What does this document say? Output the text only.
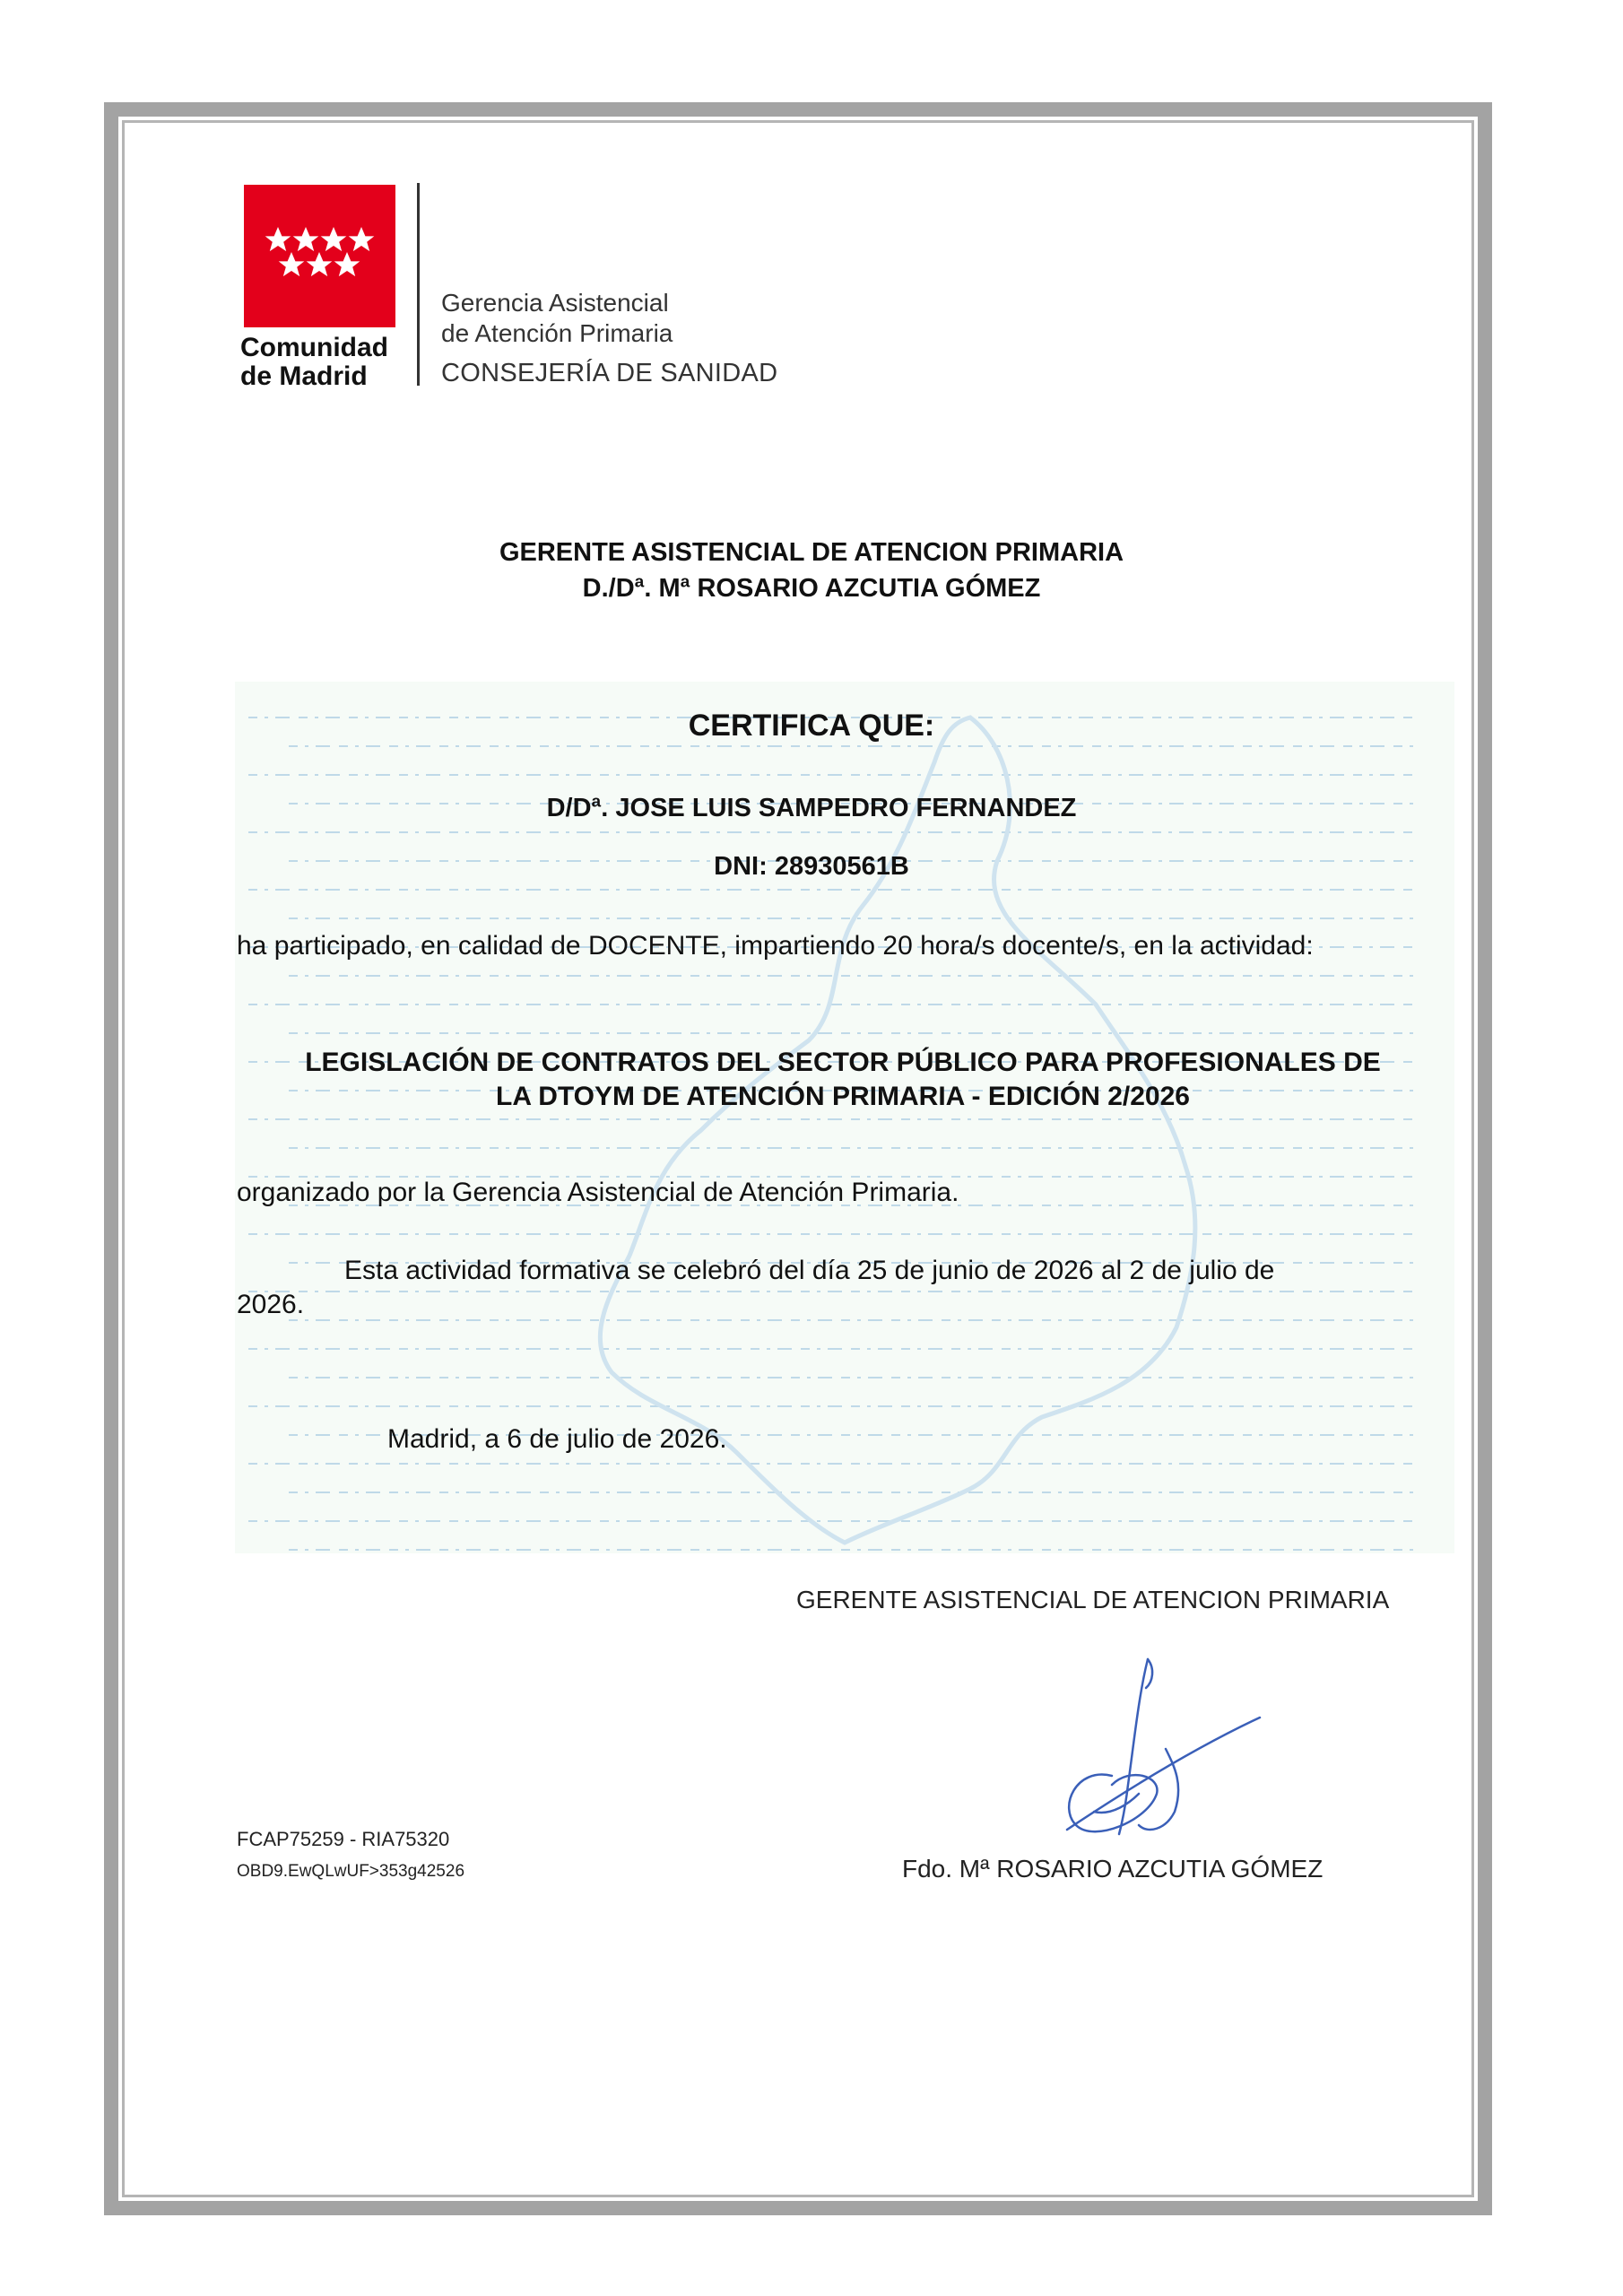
Comunidad
de Madrid
Gerencia Asistencial
de Atención Primaria
CONSEJERÍA DE SANIDAD
GERENTE ASISTENCIAL DE ATENCION PRIMARIA
D./Dª. Mª ROSARIO AZCUTIA GÓMEZ
CERTIFICA QUE:
D/Dª. JOSE LUIS SAMPEDRO FERNANDEZ
DNI: 28930561B
ha participado, en calidad de DOCENTE, impartiendo 20 hora/s docente/s, en la actividad:
LEGISLACIÓN DE CONTRATOS DEL SECTOR PÚBLICO PARA PROFESIONALES DE
LA DTOYM DE ATENCIÓN PRIMARIA - EDICIÓN 2/2026
organizado por la Gerencia Asistencial de Atención Primaria.
Esta actividad formativa se celebró del día 25 de junio de 2026 al 2 de julio de
2026.
Madrid, a 6 de julio de 2026.
GERENTE ASISTENCIAL DE ATENCION PRIMARIA
Fdo. Mª ROSARIO AZCUTIA GÓMEZ
FCAP75259 - RIA75320
OBD9.EwQLwUF>353g42526
